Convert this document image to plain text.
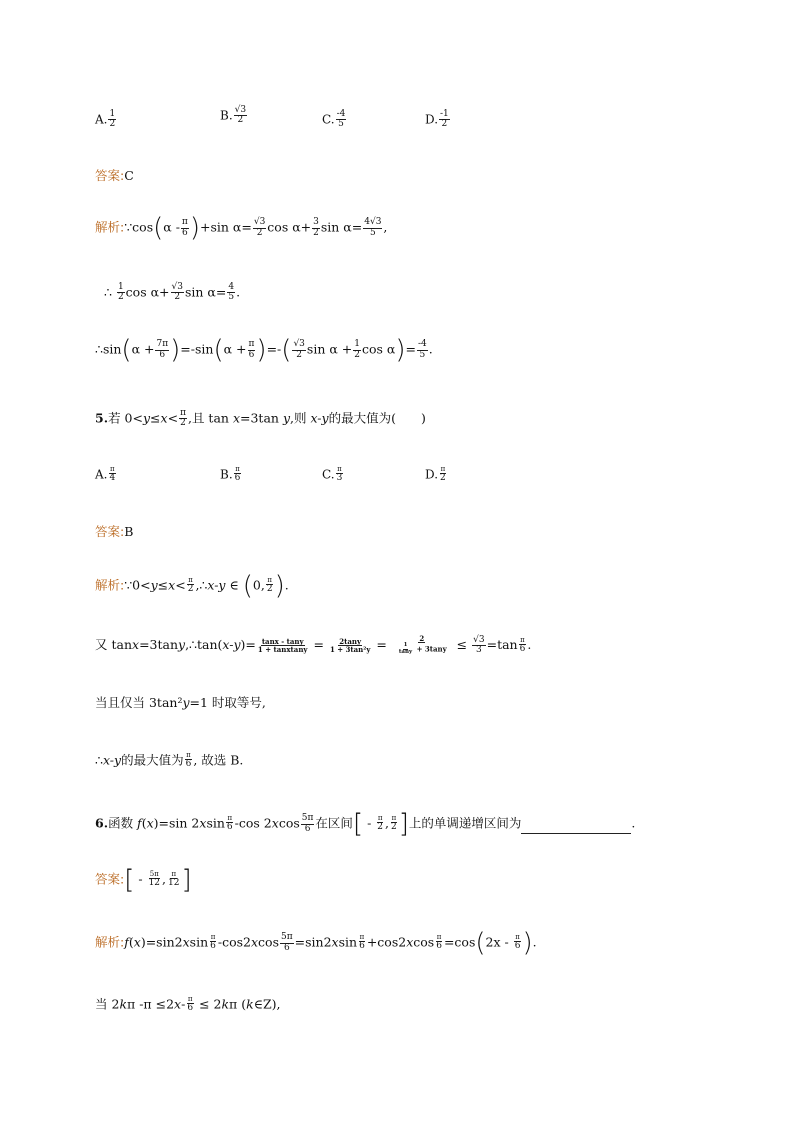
A. $\frac{1}{2}$	B. $\frac{√3}{2}$	C. $\frac{-4}{5}$	D. $\frac{-1}{2}$
答案:C
解析:∵cos(α - $\frac{\pi}{6} )+\sin$ $\alpha= \frac{√3}{2}$ $\cos \alpha+ \frac{3}{2}$ $\sin \alpha= \frac{4√3}{5}$ ,
∴ $\frac{1}{2}$ $\cos \alpha+ \frac{√3}{2}$ $\sin \alpha= \frac{4}{5}$ .
∴sin(α + $\frac{7\pi}{6} )=-\sin(\alpha + \frac{\pi}{6}$ )=-( $\frac{√3}{2}$ $\sin \alpha + \frac{1}{2}$ $\cos \alpha)= \frac{-4}{5}$ .
5.若 $0<y\le x< \frac{\pi}{2}$ ,且 tan x=3tan y,则 x-y的最大值为(　　)
A. $\frac{\pi}{4}$	B. $\frac{\pi}{6}$	C. $\frac{\pi}{3}$	D. $\frac{\pi}{2}$
答案:B
解析:∵0<y≤x< $\frac{\pi}{2}$ ,∴x-y ∈ (0, $\frac{\pi}{2}$ ).
又 tanx=3tany,∴tan(x-y)= $\frac{\tan x - \tan y}{\text{1 + tanxtany}} = \frac{2\tan y}{\text{1 + 3tan²y}} = \frac{2}{\frac{1}{\tan y} + 3\tan y} \le \frac{√3}{3} =\tan \frac{\pi}{6}$ .
当且仅当 3tan²y=1 时取等号,
∴x-y的最大值为 $\frac{\pi}{6}$ , 故选 B.
6.函数 f(x)=sin $2xsin \frac{\pi}{6} -\cos$ $2xcos \frac{5\pi}{6}$ 在区间[ - $\frac{\pi}{2}$ , $\frac{\pi}{2}$ ]上的单调递增区间为	.
答案:[ - $\frac{5\pi}{12}$ , $\frac{\pi}{12}$ ]
解析:f(x)=sin2xsin $\frac{\pi}{6} -\cos 2xcos \frac{5\pi}{6} =\sin 2xsin \frac{\pi}{6} +\cos 2xcos \frac{\pi}{6} =\cos(2x - \frac{\pi}{6}$ ).
当 2kπ $-\pi \le 2x- \frac{\pi}{6} \le 2k\pi$ (k∈Z),
